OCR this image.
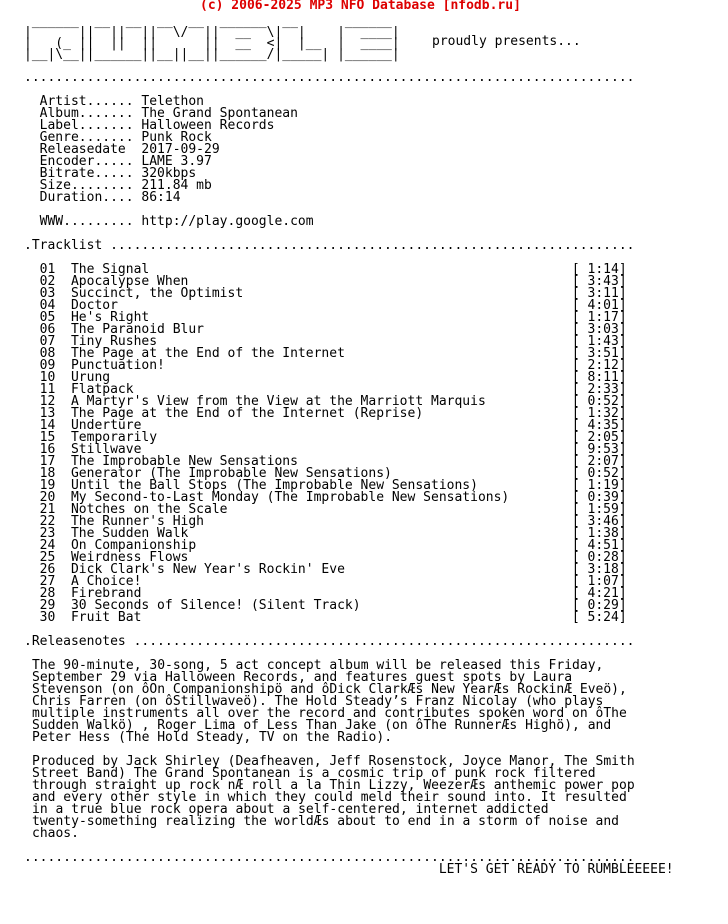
(c) 2006-2025 MP3 NFO Database [nfodb.ru]
______  __  __  __  __  ______  __      ______
|      ||  ||  ||  \/  ||  __  \|  |    |  ____|
|   (_ ||  ||  ||      ||  __  <|  |__  |  ____|
|__|\__||______||__||__||______/|_____| |______|
proudly presents...
..............................................................................
Artist...... Telethon
Album....... The Grand Spontanean
Label....... Halloween Records
Genre....... Punk Rock
Releasedate  2017-09-29
Encoder..... LAME 3.97
Bitrate..... 320kbps
Size........ 211.84 mb
Duration.... 86:14
WWW......... http://play.google.com
.Tracklist ...................................................................
01  The Signal                                                      [ 1:14]
02  Apocalypse When                                                 [ 3:43]
03  Succinct, the Optimist                                          [ 3:11]
04  Doctor                                                          [ 4:01]
05  He's Right                                                      [ 1:17]
06  The Paranoid Blur                                               [ 3:03]
07  Tiny Rushes                                                     [ 1:43]
08  The Page at the End of the Internet                             [ 3:51]
09  Punctuation!                                                    [ 2:12]
10  Urung                                                           [ 8:11]
11  Flatpack                                                        [ 2:33]
12  A Martyr's View from the View at the Marriott Marquis           [ 0:52]
13  The Page at the End of the Internet (Reprise)                   [ 1:32]
14  Underture                                                       [ 4:35]
15  Temporarily                                                     [ 2:05]
16  Stillwave                                                       [ 9:53]
17  The Improbable New Sensations                                   [ 2:07]
18  Generator (The Improbable New Sensations)                       [ 0:52]
19  Until the Ball Stops (The Improbable New Sensations)            [ 1:19]
20  My Second-to-Last Monday (The Improbable New Sensations)        [ 0:39]
21  Notches on the Scale                                            [ 1:59]
22  The Runner's High                                               [ 3:46]
23  The Sudden Walk                                                 [ 1:38]
24  On Companionship                                                [ 4:51]
25  Weirdness Flows                                                 [ 0:28]
26  Dick Clark's New Year's Rockin' Eve                             [ 3:18]
27  A Choice!                                                       [ 1:07]
28  Firebrand                                                       [ 4:21]
29  30 Seconds of Silence! (Silent Track)                           [ 0:29]
30  Fruit Bat                                                       [ 5:24]
.Releasenotes ................................................................
The 90-minute, 30-song, 5 act concept album will be released this Friday,
September 29 via Halloween Records, and features guest spots by Laura
Stevenson (on ôOn Companionshipö and ôDick ClarkÆs New YearÆs RockinÆ Eveö),
Chris Farren (on ôStillwaveö). The Hold Steady’s Franz Nicolay (who plays
multiple instruments all over the record and contributes spoken word on ôThe
Sudden Walkö) , Roger Lima of Less Than Jake (on ôThe RunnerÆs Highö), and
Peter Hess (The Hold Steady, TV on the Radio).
Produced by Jack Shirley (Deafheaven, Jeff Rosenstock, Joyce Manor, The Smith
Street Band) The Grand Spontanean is a cosmic trip of punk rock filtered
through straight up rock nÆ roll a la Thin Lizzy, WeezerÆs anthemic power pop
and every other style in which they could meld their sound into. It resulted
in a true blue rock opera about a self-centered, internet addicted
twenty-something realizing the worldÆs about to end in a storm of noise and
chaos.
..............................................................................
LET'S GET READY TO RUMBLEEEEE!
